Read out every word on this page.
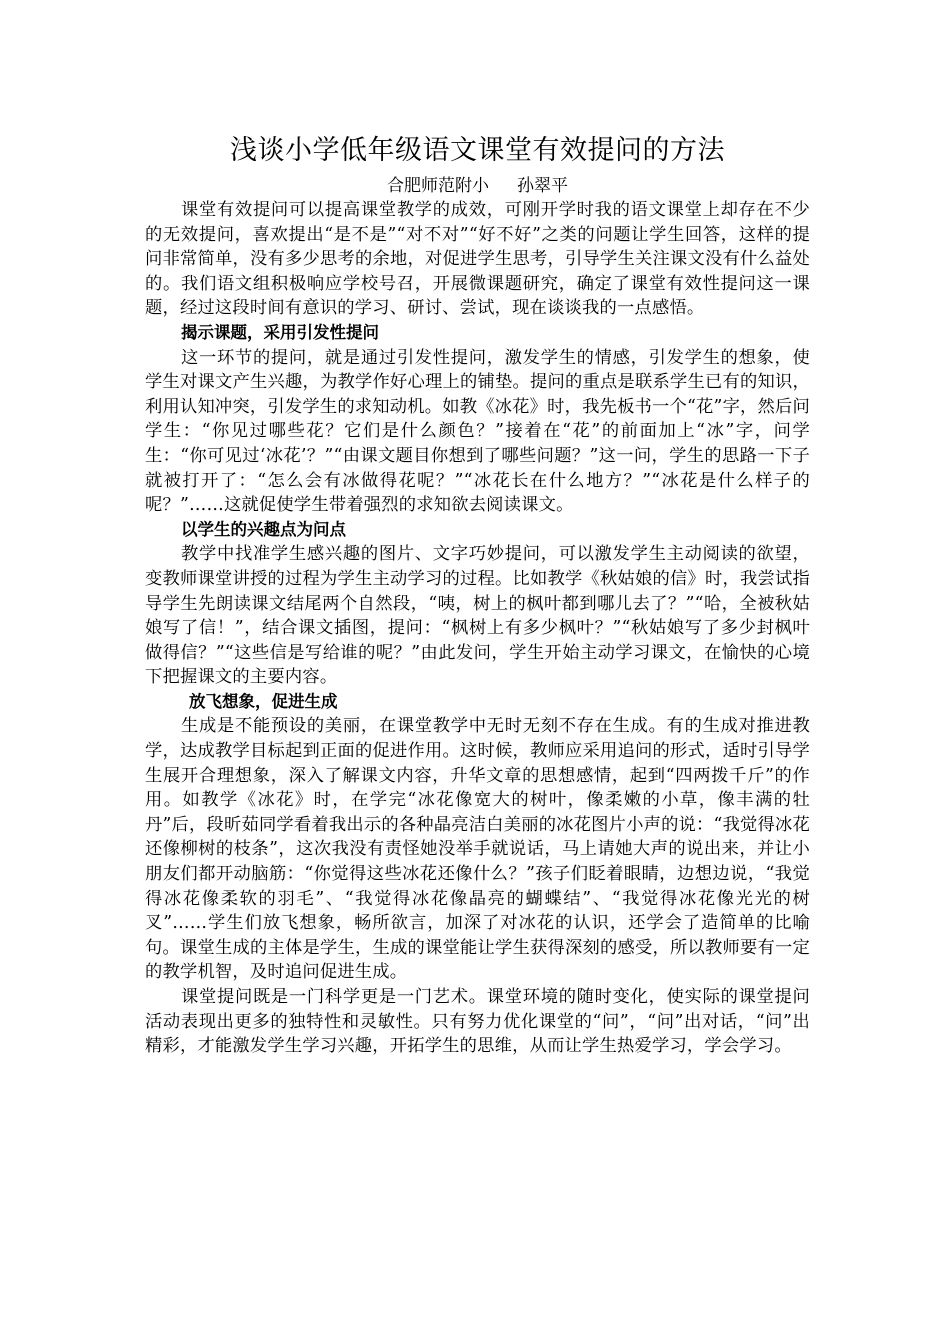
浅谈小学低年级语文课堂有效提问的方法

合肥师范附小 孙翠平

课堂有效提问可以提高课堂教学的成效，可刚开学时我的语文课堂上却存在不少的无效提问，喜欢提出“是不是”“对不对”“好不好”之类的问题让学生回答，这样的提问非常简单，没有多少思考的余地，对促进学生思考，引导学生关注课文没有什么益处的。我们语文组积极响应学校号召，开展微课题研究，确定了课堂有效性提问这一课题，经过这段时间有意识的学习、研讨、尝试，现在谈谈我的一点感悟。

揭示课题，采用引发性提问

这一环节的提问，就是通过引发性提问，激发学生的情感，引发学生的想象，使学生对课文产生兴趣，为教学作好心理上的铺垫。提问的重点是联系学生已有的知识，利用认知冲突，引发学生的求知动机。如教《冰花》时，我先板书一个“花”字，然后问学生：“你见过哪些花？它们是什么颜色？”接着在“花”的前面加上“冰”字，问学生：“你可见过‘冰花’？”“由课文题目你想到了哪些问题？”这一问，学生的思路一下子就被打开了：“怎么会有冰做得花呢？”“冰花长在什么地方？”“冰花是什么样子的呢？”……这就促使学生带着强烈的求知欲去阅读课文。

以学生的兴趣点为问点

教学中找准学生感兴趣的图片、文字巧妙提问，可以激发学生主动阅读的欲望，变教师课堂讲授的过程为学生主动学习的过程。比如教学《秋姑娘的信》时，我尝试指导学生先朗读课文结尾两个自然段，“咦，树上的枫叶都到哪儿去了？”“哈，全被秋姑娘写了信！”，结合课文插图，提问：“枫树上有多少枫叶？”“秋姑娘写了多少封枫叶做得信？”“这些信是写给谁的呢？”由此发问，学生开始主动学习课文，在愉快的心境下把握课文的主要内容。

放飞想象，促进生成

生成是不能预设的美丽，在课堂教学中无时无刻不存在生成。有的生成对推进教学，达成教学目标起到正面的促进作用。这时候，教师应采用追问的形式，适时引导学生展开合理想象，深入了解课文内容，升华文章的思想感情，起到“四两拨千斤”的作用。如教学《冰花》时，在学完“冰花像宽大的树叶，像柔嫩的小草，像丰满的牡丹”后，段昕茹同学看着我出示的各种晶亮洁白美丽的冰花图片小声的说：“我觉得冰花还像柳树的枝条”，这次我没有责怪她没举手就说话，马上请她大声的说出来，并让小朋友们都开动脑筋：“你觉得这些冰花还像什么？”孩子们眨着眼睛，边想边说，“我觉得冰花像柔软的羽毛”、“我觉得冰花像晶亮的蝴蝶结”、“我觉得冰花像光光的树叉”……学生们放飞想象，畅所欲言，加深了对冰花的认识，还学会了造简单的比喻句。课堂生成的主体是学生，生成的课堂能让学生获得深刻的感受，所以教师要有一定的教学机智，及时追问促进生成。

课堂提问既是一门科学更是一门艺术。课堂环境的随时变化，使实际的课堂提问活动表现出更多的独特性和灵敏性。只有努力优化课堂的“问”，“问”出对话，“问”出精彩，才能激发学生学习兴趣，开拓学生的思维，从而让学生热爱学习，学会学习。
